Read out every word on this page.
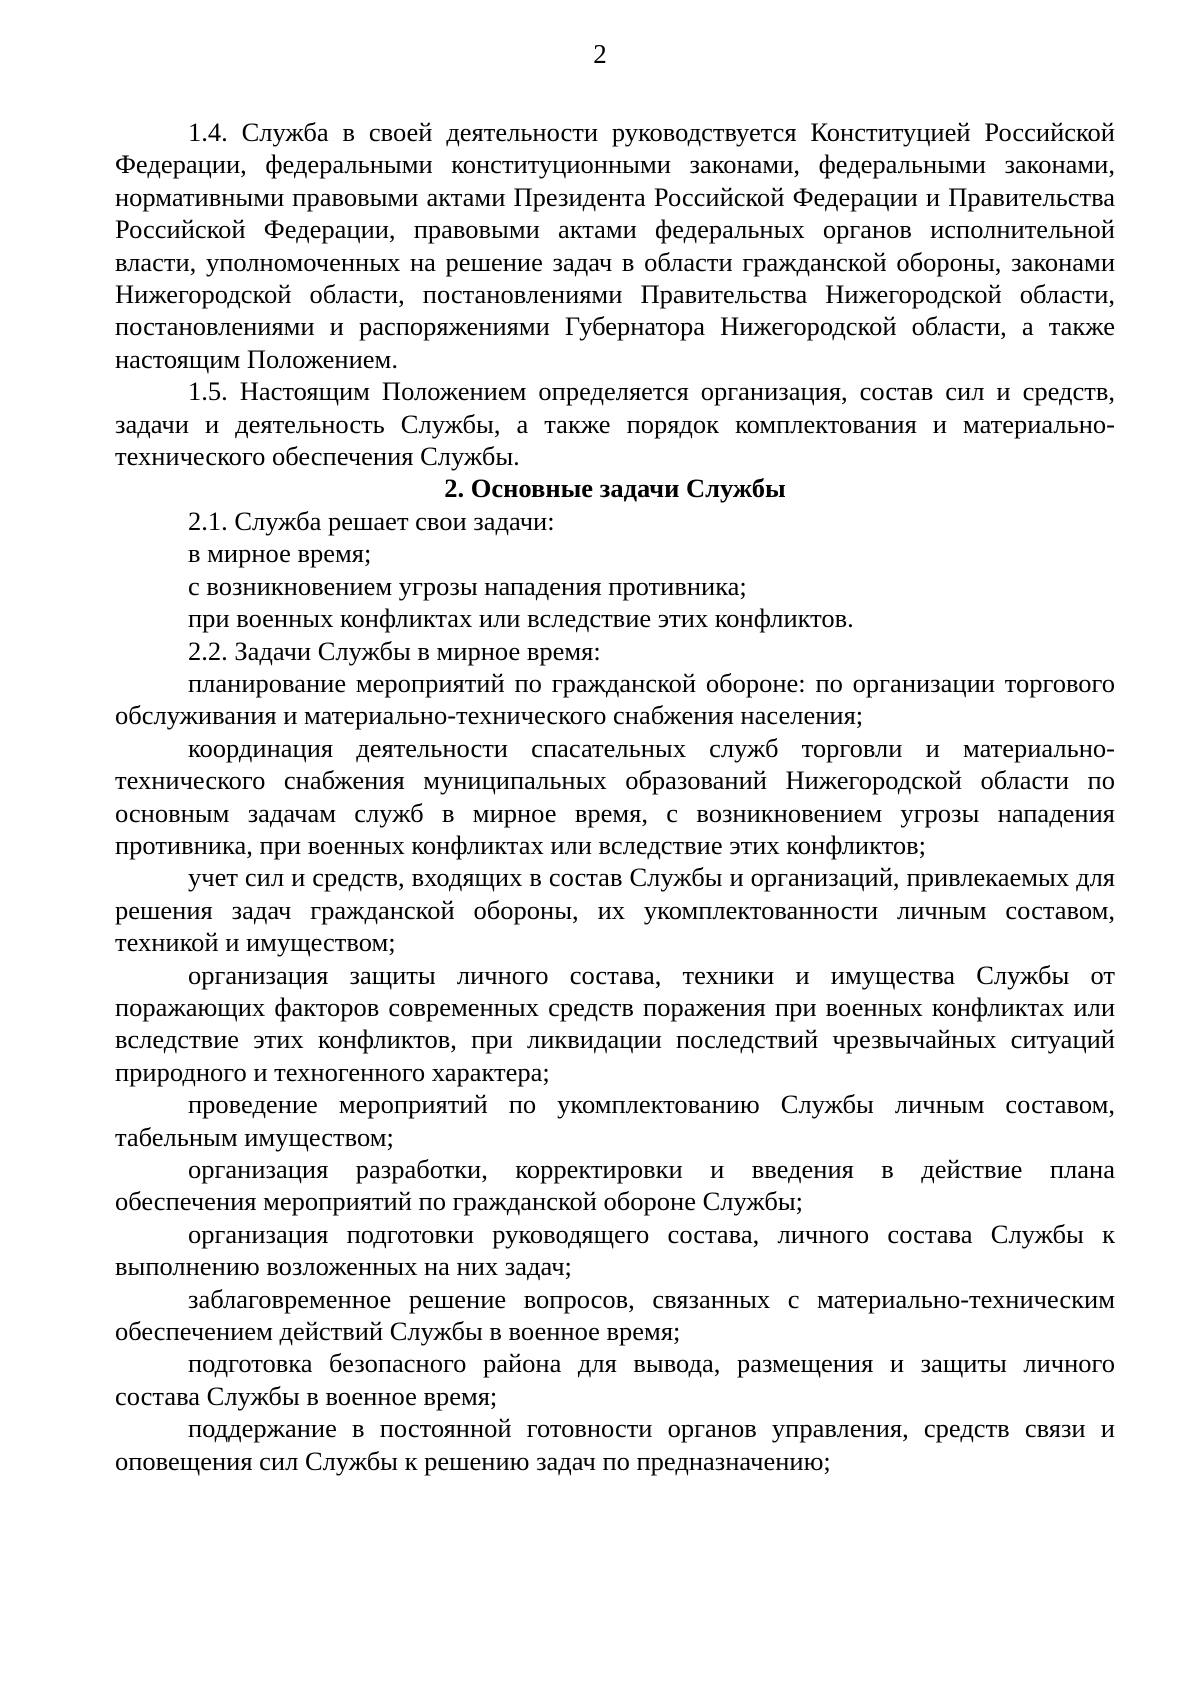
2

1.4. Служба в своей деятельности руководствуется Конституцией Российской Федерации, федеральными конституционными законами, федеральными законами, нормативными правовыми актами Президента Российской Федерации и Правительства Российской Федерации, правовыми актами федеральных органов исполнительной власти, уполномоченных на решение задач в области гражданской обороны, законами Нижегородской области, постановлениями Правительства Нижегородской области, постановлениями и распоряжениями Губернатора Нижегородской области, а также настоящим Положением.

1.5. Настоящим Положением определяется организация, состав сил и средств, задачи и деятельность Службы, а также порядок комплектования и материально-технического обеспечения Службы.

2. Основные задачи Службы

2.1. Служба решает свои задачи:

в мирное время;

с возникновением угрозы нападения противника;

при военных конфликтах или вследствие этих конфликтов.

2.2. Задачи Службы в мирное время:

планирование мероприятий по гражданской обороне: по организации торгового обслуживания и материально-технического снабжения населения;

координация деятельности спасательных служб торговли и материально-технического снабжения муниципальных образований Нижегородской области по основным задачам служб в мирное время, с возникновением угрозы нападения противника, при военных конфликтах или вследствие этих конфликтов;

учет сил и средств, входящих в состав Службы и организаций, привлекаемых для решения задач гражданской обороны, их укомплектованности личным составом, техникой и имуществом;

организация защиты личного состава, техники и имущества Службы от поражающих факторов современных средств поражения при военных конфликтах или вследствие этих конфликтов, при ликвидации последствий чрезвычайных ситуаций природного и техногенного характера;

проведение мероприятий по укомплектованию Службы личным составом, табельным имуществом;

организация разработки, корректировки и введения в действие плана обеспечения мероприятий по гражданской обороне Службы;

организация подготовки руководящего состава, личного состава Службы к выполнению возложенных на них задач;

заблаговременное решение вопросов, связанных с материально-техническим обеспечением действий Службы в военное время;

подготовка безопасного района для вывода, размещения и защиты личного состава Службы в военное время;

поддержание в постоянной готовности органов управления, средств связи и оповещения сил Службы к решению задач по предназначению;
